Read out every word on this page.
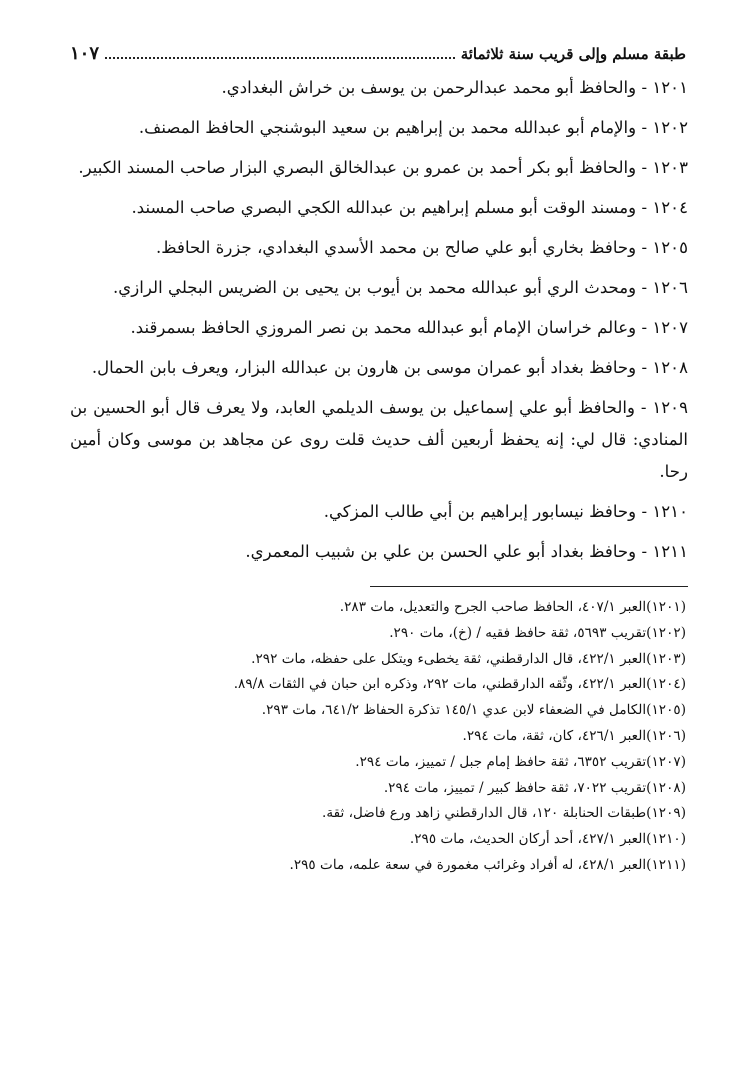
طبقة مسلم وإلى قريب سنة ثلاثمائة
١٠٧

١٢٠١ - والحافظ أبو محمد عبدالرحمن بن يوسف بن خراش البغدادي.

١٢٠٢ - والإمام أبو عبدالله محمد بن إبراهيم بن سعيد البوشنجي الحافظ المصنف.

١٢٠٣ - والحافظ أبو بكر أحمد بن عمرو بن عبدالخالق البصري البزار صاحب المسند الكبير.

١٢٠٤ - ومسند الوقت أبو مسلم إبراهيم بن عبدالله الكجي البصري صاحب المسند.

١٢٠٥ - وحافظ بخاري أبو علي صالح بن محمد الأسدي البغدادي، جزرة الحافظ.

١٢٠٦ - ومحدث الري أبو عبدالله محمد بن أيوب بن يحيى بن الضريس البجلي الرازي.

١٢٠٧ - وعالم خراسان الإمام أبو عبدالله محمد بن نصر المروزي الحافظ بسمرقند.

١٢٠٨ - وحافظ بغداد أبو عمران موسى بن هارون بن عبدالله البزار، ويعرف بابن الحمال.

١٢٠٩ - والحافظ أبو علي إسماعيل بن يوسف الديلمي العابد، ولا يعرف قال أبو الحسين بن المنادي: قال لي: إنه يحفظ أربعين ألف حديث قلت روى عن مجاهد بن موسى وكان أمين رحا.

١٢١٠ - وحافظ نيسابور إبراهيم بن أبي طالب المزكي.

١٢١١ - وحافظ بغداد أبو علي الحسن بن علي بن شبيب المعمري.

(١٢٠١)العبر ٤٠٧/١، الحافظ صاحب الجرح والتعديل، مات ٢٨٣.

(١٢٠٢)تقريب ٥٦٩٣، ثقة حافظ فقيه / (خ)، مات ٢٩٠.

(١٢٠٣)العبر ٤٢٢/١، قال الدارقطني، ثقة يخطىء ويتكل على حفظه، مات ٢٩٢.

(١٢٠٤)العبر ٤٢٢/١، وثّقه الدارقطني، مات ٢٩٢، وذكره ابن حبان في الثقات ٨٩/٨.

(١٢٠٥)الكامل في الضعفاء لابن عدي ١٤٥/١ تذكرة الحفاظ ٦٤١/٢، مات ٢٩٣.

(١٢٠٦)العبر ٤٢٦/١، كان، ثقة، مات ٢٩٤.

(١٢٠٧)تقريب ٦٣٥٢، ثقة حافظ إمام جبل / تمييز، مات ٢٩٤.

(١٢٠٨)تقريب ٧٠٢٢، ثقة حافظ كبير / تمييز، مات ٢٩٤.

(١٢٠٩)طبقات الحنابلة ١٢٠، قال الدارقطني زاهد ورع فاضل، ثقة.

(١٢١٠)العبر ٤٢٧/١، أحد أركان الحديث، مات ٢٩٥.

(١٢١١)العبر ٤٢٨/١، له أفراد وغرائب مغمورة في سعة علمه، مات ٢٩٥.
